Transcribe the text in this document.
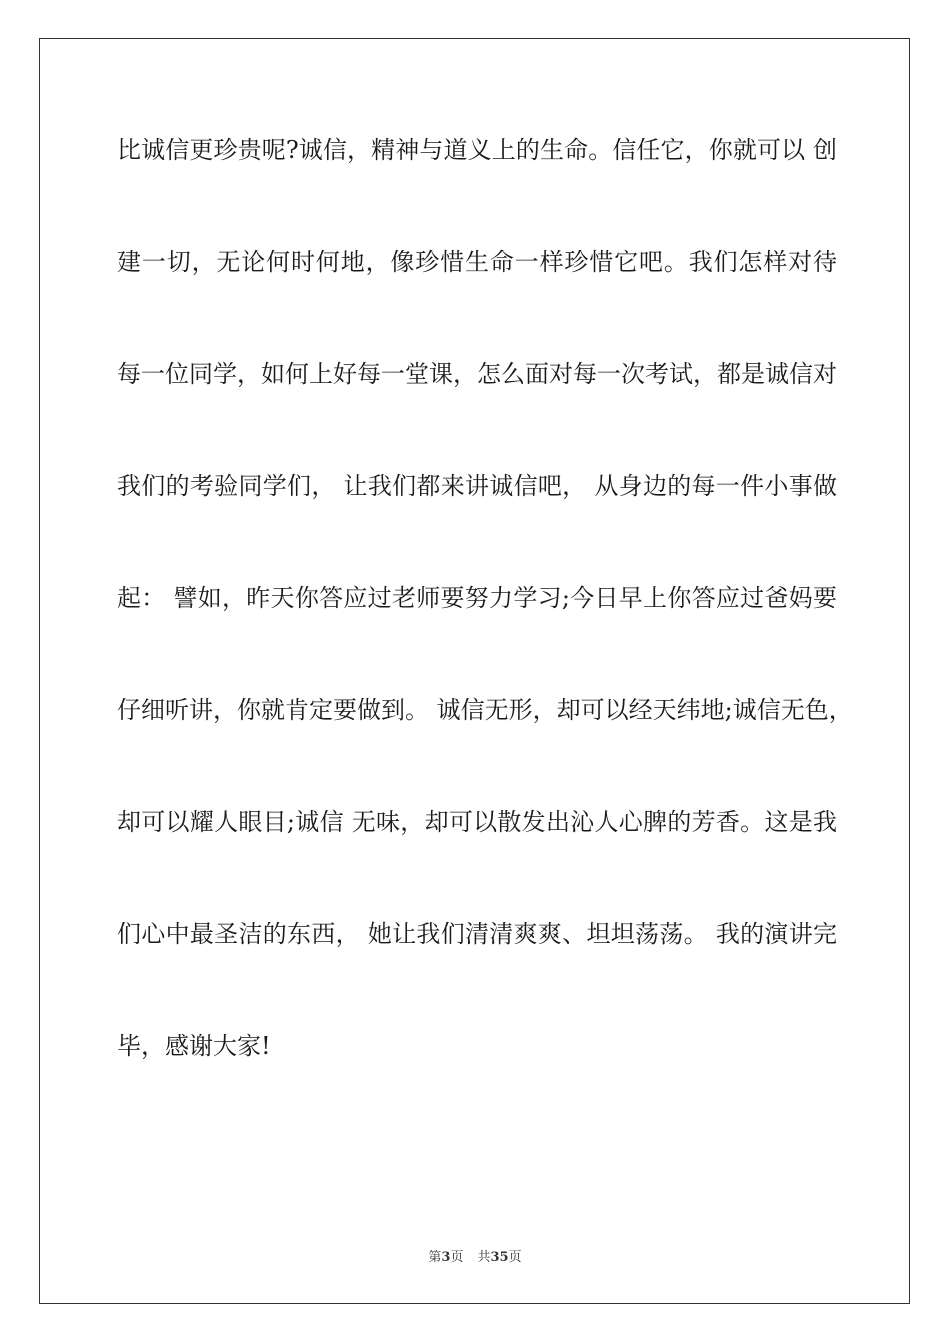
比诚信更珍贵呢?诚信，精神与道义上的生命。信任它，你就可以 创
建一切，无论何时何地，像珍惜生命一样珍惜它吧。我们怎样对待
每一位同学，如何上好每一堂课，怎么面对每一次考试，都是诚信对
我们的考验同学们， 让我们都来讲诚信吧， 从身边的每一件小事做
起： 譬如，昨天你答应过老师要努力学习;今日早上你答应过爸妈要
仔细听讲，你就肯定要做到。 诚信无形，却可以经天纬地;诚信无色，
却可以耀人眼目;诚信 无味，却可以散发出沁人心脾的芳香。这是我
们心中最圣洁的东西， 她让我们清清爽爽、坦坦荡荡。 我的演讲完
毕，感谢大家!
第3页 共35页
